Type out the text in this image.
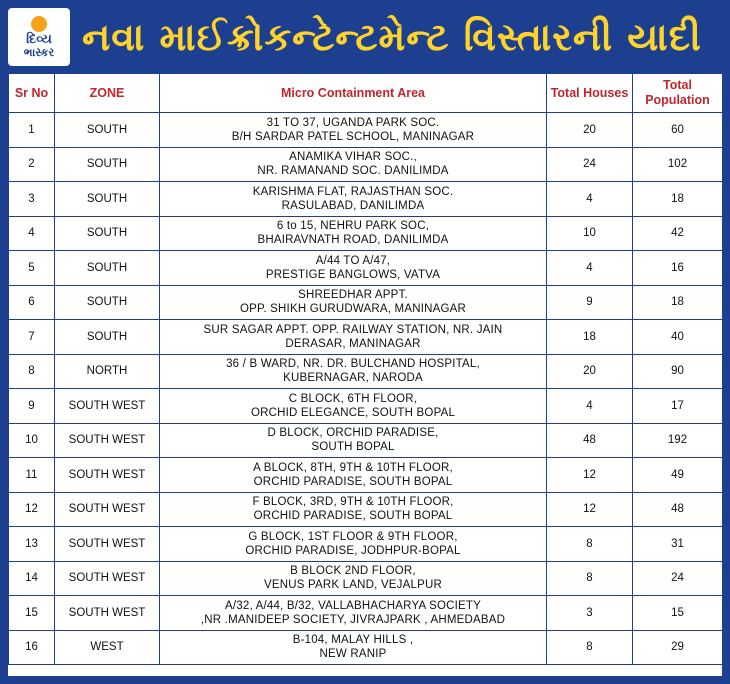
દિવ્ય
ભાસ્કર નવા માઈક્રોકન્ટેન્ટમેન્ટ વિસ્તારની યાદી
Sr No	ZONE	Micro Containment Area	Total Houses	Total Population
1	SOUTH	31 TO 37, UGANDA PARK SOC.
B/H SARDAR PATEL SCHOOL, MANINAGAR	20	60
2	SOUTH	ANAMIKA VIHAR SOC.,
NR. RAMANAND SOC. DANILIMDA	24	102
3	SOUTH	KARISHMA FLAT, RAJASTHAN SOC.
RASULABAD, DANILIMDA	4	18
4	SOUTH	6 to 15, NEHRU PARK SOC,
BHAIRAVNATH ROAD, DANILIMDA	10	42
5	SOUTH	A/44 TO A/47,
PRESTIGE BANGLOWS, VATVA	4	16
6	SOUTH	SHREEDHAR APPT.
OPP. SHIKH GURUDWARA, MANINAGAR	9	18
7	SOUTH	SUR SAGAR APPT. OPP. RAILWAY STATION, NR. JAIN
DERASAR, MANINAGAR	18	40
8	NORTH	36 / B WARD, NR. DR. BULCHAND HOSPITAL,
KUBERNAGAR, NARODA	20	90
9	SOUTH WEST	C BLOCK, 6TH FLOOR,
ORCHID ELEGANCE, SOUTH BOPAL	4	17
10	SOUTH WEST	D BLOCK, ORCHID PARADISE,
SOUTH BOPAL	48	192
11	SOUTH WEST	A BLOCK, 8TH, 9TH & 10TH FLOOR,
ORCHID PARADISE, SOUTH BOPAL	12	49
12	SOUTH WEST	F BLOCK, 3RD, 9TH & 10TH FLOOR,
ORCHID PARADISE, SOUTH BOPAL	12	48
13	SOUTH WEST	G BLOCK, 1ST FLOOR & 9TH FLOOR,
ORCHID PARADISE, JODHPUR-BOPAL	8	31
14	SOUTH WEST	B BLOCK 2ND FLOOR,
VENUS PARK LAND, VEJALPUR	8	24
15	SOUTH WEST	A/32, A/44, B/32, VALLABHACHARYA SOCIETY
,NR .MANIDEEP SOCIETY, JIVRAJPARK , AHMEDABAD	3	15
16	WEST	B-104, MALAY HILLS ,
NEW RANIP	8	29
